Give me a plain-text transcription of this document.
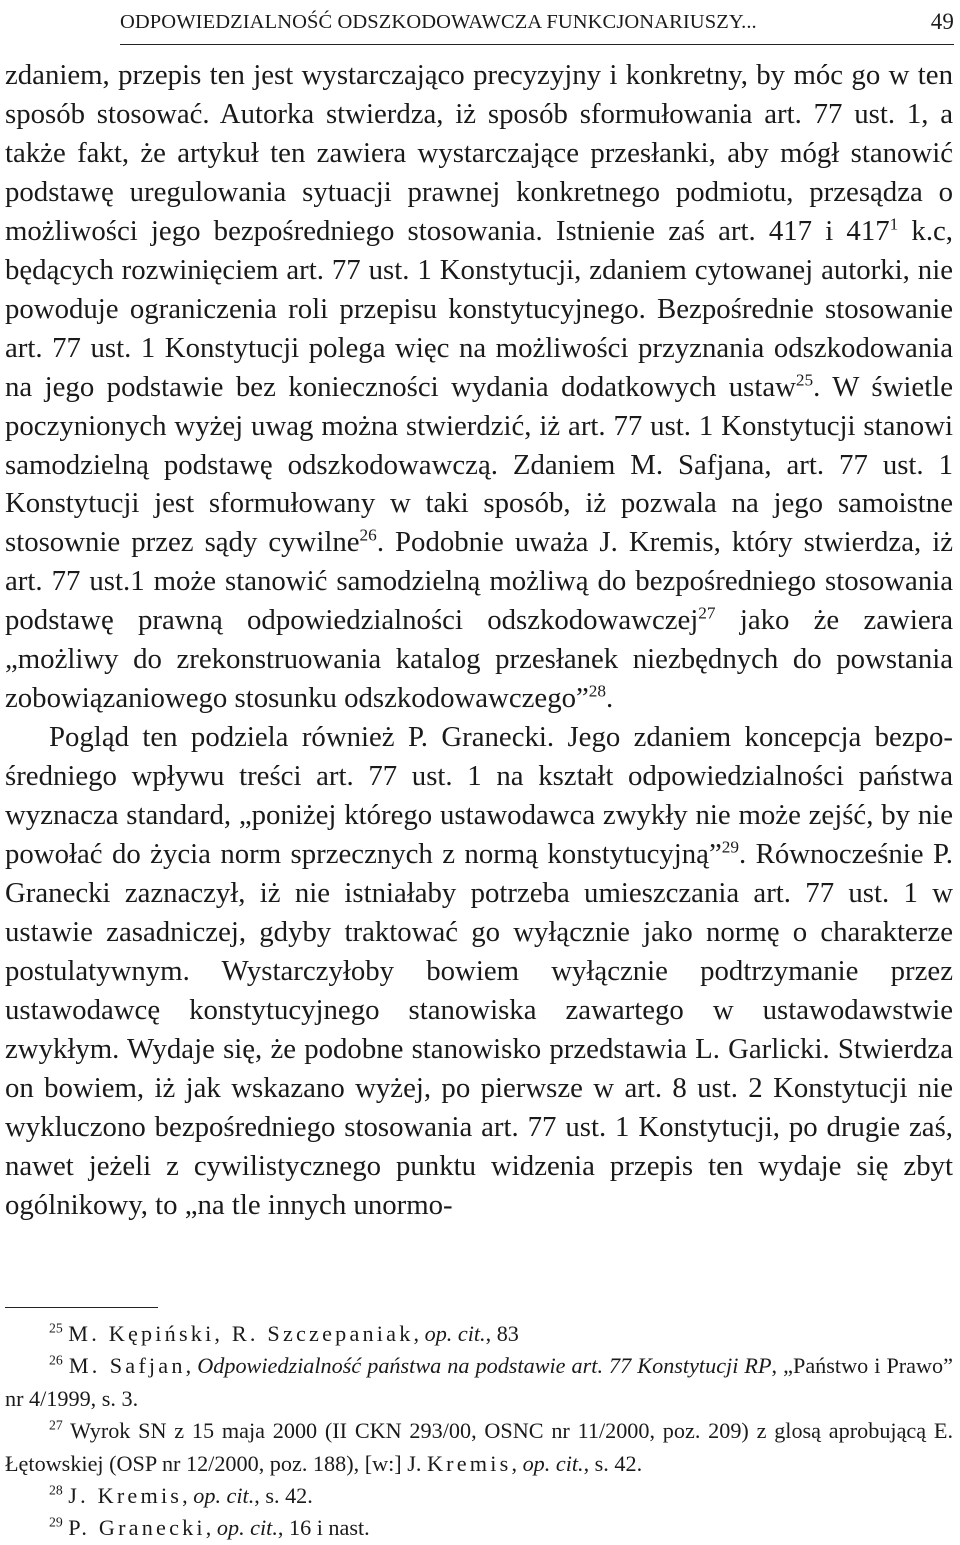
ODPOWIEDZIALNOŚĆ ODSZKODOWAWCZA FUNKCJONARIUSZY...	49

zdaniem, przepis ten jest wystarczająco precyzyjny i konkretny, by móc go w ten sposób stosować. Autorka stwierdza, iż sposób sformułowania art. 77 ust. 1, a także fakt, że artykuł ten zawiera wystarczające przesłanki, aby mógł stanowić podstawę uregulowania sytuacji prawnej konkretnego podmiotu, przesądza o możliwości jego bezpośredniego stosowania. Istnienie zaś art. 417 i $417^1$ k.c, będących rozwinięciem art. 77 ust. 1 Konstytucji, zdaniem cytowanej autorki, nie powoduje ograniczenia roli przepisu konstytucyjnego. Bezpośrednie stosowanie art. 77 ust. 1 Konstytucji polega więc na możliwości przyznania odszkodowania na jego podstawie bez konieczności wydania dodatkowych ustaw$^{25}$. W świetle poczynionych wyżej uwag można stwierdzić, iż art. 77 ust. 1 Konstytucji stanowi samodzielną podstawę odszkodowawczą. Zdaniem M. Safjana, art. 77 ust. 1 Konstytucji jest sformułowany w taki sposób, iż pozwala na jego samoistne stosownie przez sądy cywilne$^{26}$. Podobnie uważa J. Kremis, który stwierdza, iż art. 77 ust.1 może stanowić samodzielną możliwą do bezpośredniego stosowania podstawę prawną odpowiedzialności odszkodowawczej$^{27}$ jako że zawiera „możliwy do zrekonstruowania katalog przesłanek niezbędnych do powstania zobowiązaniowego stosunku odszkodowawczego”$^{28}$.

Pogląd ten podziela również P. Granecki. Jego zdaniem koncepcja bezpośredniego wpływu treści art. 77 ust. 1 na kształt odpowiedzialności państwa wyznacza standard, „poniżej którego ustawodawca zwykły nie może zejść, by nie powołać do życia norm sprzecznych z normą konstytucyjną”$^{29}$. Równocześnie P. Granecki zaznaczył, iż nie istniałaby potrzeba umieszczania art. 77 ust. 1 w ustawie zasadniczej, gdyby traktować go wyłącznie jako normę o charakterze postulatywnym. Wystarczyłoby bowiem wyłącznie podtrzymanie przez ustawodawcę konstytucyjnego stanowiska zawartego w ustawodawstwie zwykłym. Wydaje się, że podobne stanowisko przedstawia L. Garlicki. Stwierdza on bowiem, iż jak wskazano wyżej, po pierwsze w art. 8 ust. 2 Konstytucji nie wykluczono bezpośredniego stosowania art. 77 ust. 1 Konstytucji, po drugie zaś, nawet jeżeli z cywilistycznego punktu widzenia przepis ten wydaje się zbyt ogólnikowy, to „na tle innych unormo-

$^{25}$ M. Kępiński, R. Szczepaniak, op. cit., 83

$^{26}$ M. Safjan, Odpowiedzialność państwa na podstawie art. 77 Konstytucji RP, „Państwo i Prawo” nr 4/1999, s. 3.

$^{27}$ Wyrok SN z 15 maja 2000 (II CKN 293/00, OSNC nr 11/2000, poz. 209) z glosą aprobującą E. Łętowskiej (OSP nr 12/2000, poz. 188), [w:] J. Kremis, op. cit., s. 42.

$^{28}$ J. Kremis, op. cit., s. 42.

$^{29}$ P. Granecki, op. cit., 16 i nast.
